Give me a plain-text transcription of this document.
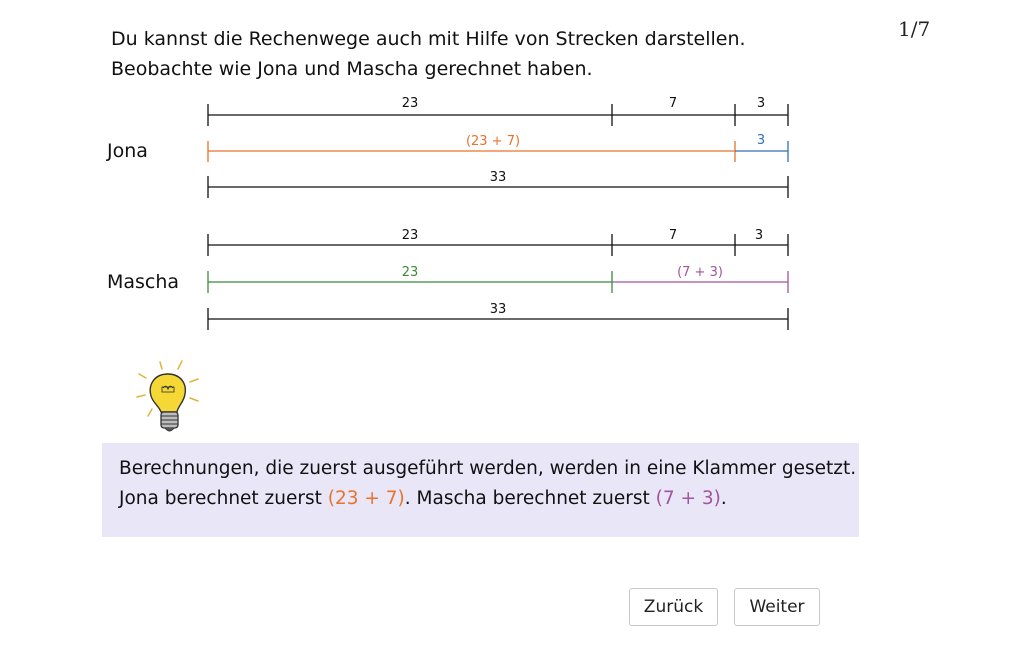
Du kannst die Rechenwege auch mit Hilfe von Strecken darstellen.
Beobachte wie Jona und Mascha gerechnet haben.
1/7
23	7	3
(23 + 7)	3
33
23	7	3
23	(7 + 3)
33
Jona
Mascha

Berechnungen, die zuerst ausgeführt werden, werden in eine Klammer gesetzt.

Jona berechnet zuerst (23 + 7). Mascha berechnet zuerst (7 + 3).

Zurück	Weiter
